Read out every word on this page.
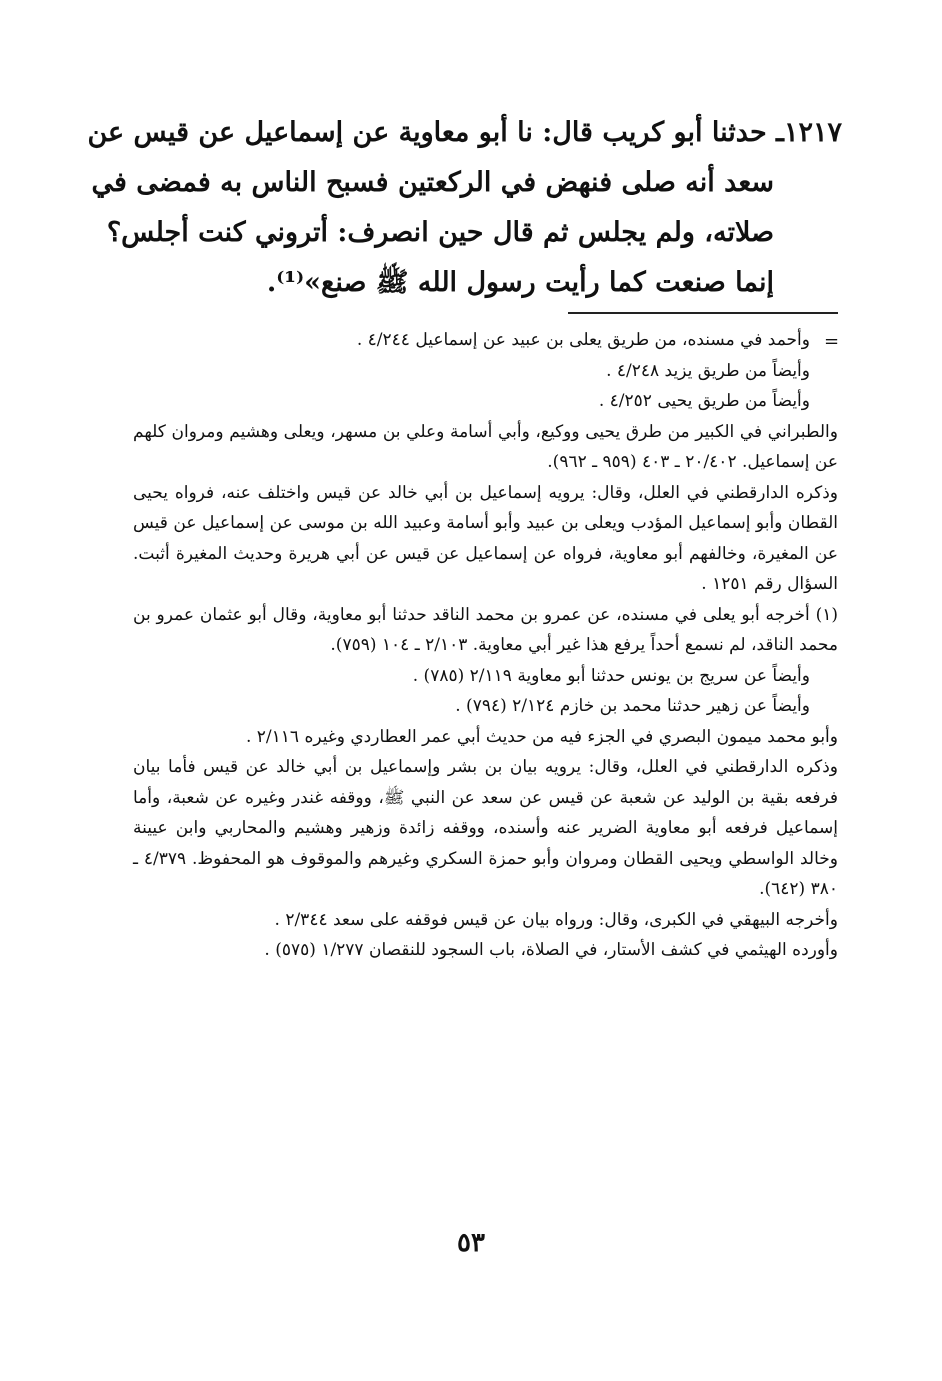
١٢١٧ـ حدثنا أبو كريب قال: نا أبو معاوية عن إسماعيل عن قيس عن
سعد أنه صلى فنهض في الركعتين فسبح الناس به فمضى في
صلاته، ولم يجلس ثم قال حين انصرف: أتروني كنت أجلس؟
إنما صنعت كما رأيت رسول الله ﷺ صنع»⁽¹⁾.
=

وأحمد في مسنده، من طريق يعلى بن عبيد عن إسماعيل ٤/٢٤٤ .

وأيضاً من طريق يزيد ٤/٢٤٨ .

وأيضاً من طريق يحيى ٤/٢٥٢ .

والطبراني في الكبير من طرق يحيى ووكيع، وأبي أسامة وعلي بن مسهر، ويعلى وهشيم ومروان كلهم عن إسماعيل. ٢٠/٤٠٢ ـ ٤٠٣ (٩٥٩ ـ ٩٦٢).

وذكره الدارقطني في العلل، وقال: يرويه إسماعيل بن أبي خالد عن قيس واختلف عنه، فرواه يحيى القطان وأبو إسماعيل المؤدب ويعلى بن عبيد وأبو أسامة وعبيد الله بن موسى عن إسماعيل عن قيس عن المغيرة، وخالفهم أبو معاوية، فرواه عن إسماعيل عن قيس عن أبي هريرة وحديث المغيرة أثبت. السؤال رقم ١٢٥١ .

(١) أخرجه أبو يعلى في مسنده، عن عمرو بن محمد الناقد حدثنا أبو معاوية، وقال أبو عثمان عمرو بن محمد الناقد، لم نسمع أحداً يرفع هذا غير أبي معاوية. ٢/١٠٣ ـ ١٠٤ (٧٥٩).

وأيضاً عن سريج بن يونس حدثنا أبو معاوية ٢/١١٩ (٧٨٥) .

وأيضاً عن زهير حدثنا محمد بن خازم ٢/١٢٤ (٧٩٤) .

وأبو محمد ميمون البصري في الجزء فيه من حديث أبي عمر العطاردي وغيره ٢/١١٦ .

وذكره الدارقطني في العلل، وقال: يرويه بيان بن بشر وإسماعيل بن أبي خالد عن قيس فأما بيان فرفعه بقية بن الوليد عن شعبة عن قيس عن سعد عن النبي ﷺ، ووقفه غندر وغيره عن شعبة، وأما إسماعيل فرفعه أبو معاوية الضرير عنه وأسنده، ووقفه زائدة وزهير وهشيم والمحاربي وابن عيينة وخالد الواسطي ويحيى القطان ومروان وأبو حمزة السكري وغيرهم والموقوف هو المحفوظ. ٤/٣٧٩ ـ ٣٨٠ (٦٤٢).

وأخرجه البيهقي في الكبرى، وقال: ورواه بيان عن قيس فوقفه على سعد ٢/٣٤٤ .

وأورده الهيثمي في كشف الأستار، في الصلاة، باب السجود للنقصان ١/٢٧٧ (٥٧٥) .

٥٣
